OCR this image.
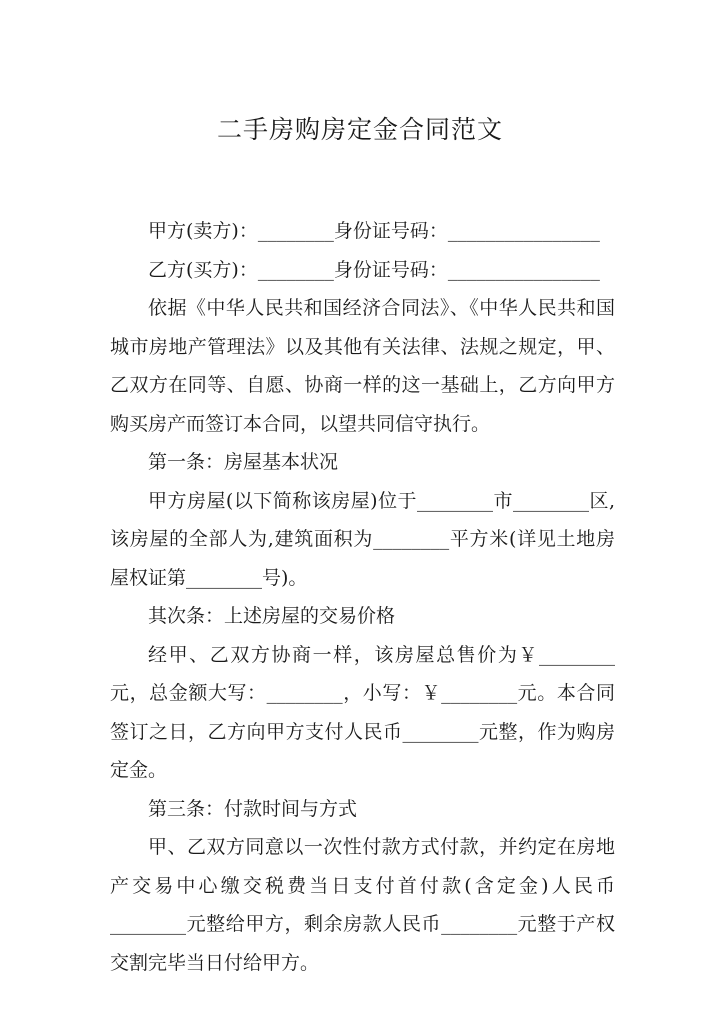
二手房购房定金合同范文

甲方(卖方)：________身份证号码：________________

乙方(买方)：________身份证号码：________________

依据《中华人民共和国经济合同法》、《中华人民共和国城市房地产管理法》以及其他有关法律、法规之规定，甲、乙双方在同等、自愿、协商一样的这一基础上，乙方向甲方购买房产而签订本合同，以望共同信守执行。

第一条：房屋基本状况

甲方房屋(以下简称该房屋)位于________市________区,该房屋的全部人为,建筑面积为________平方米(详见土地房屋权证第________号)。

其次条：上述房屋的交易价格

经甲、乙双方协商一样，该房屋总售价为￥________元，总金额大写：________，小写：￥________元。本合同签订之日，乙方向甲方支付人民币________元整，作为购房定金。

第三条：付款时间与方式

甲、乙双方同意以一次性付款方式付款，并约定在房地产交易中心缴交税费当日支付首付款(含定金)人民币________元整给甲方，剩余房款人民币________元整于产权交割完毕当日付给甲方。
